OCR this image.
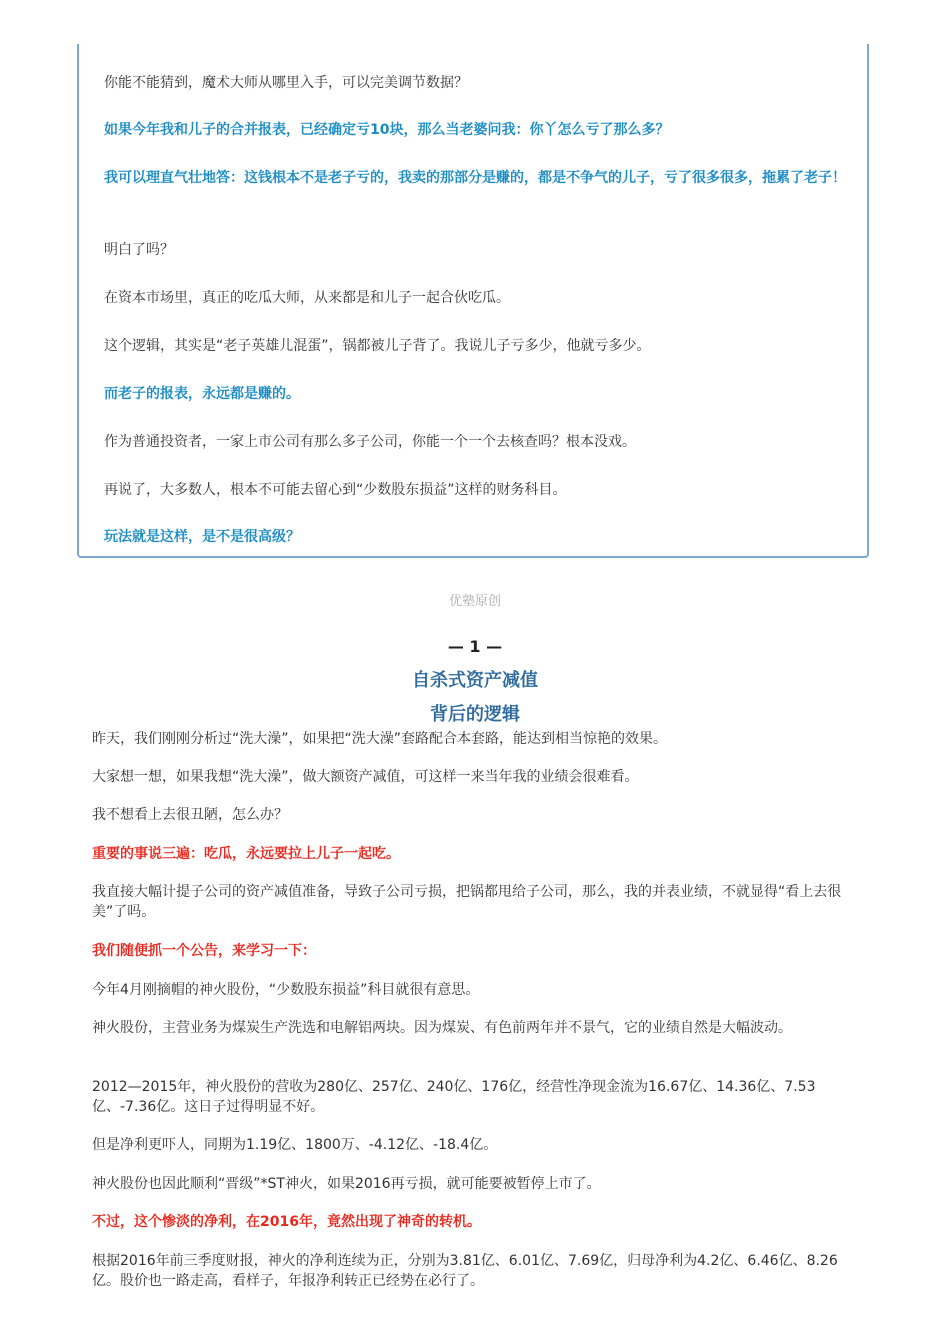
你能不能猜到，魔术大师从哪里入手，可以完美调节数据？

如果今年我和儿子的合并报表，已经确定亏10块，那么当老婆问我：你丫怎么亏了那么多？

我可以理直气壮地答：这钱根本不是老子亏的，我卖的那部分是赚的，都是不争气的儿子，亏了很多很多，拖累了老子！

明白了吗？

在资本市场里，真正的吃瓜大师，从来都是和儿子一起合伙吃瓜。

这个逻辑，其实是“老子英雄儿混蛋”，锅都被儿子背了。我说儿子亏多少，他就亏多少。

而老子的报表，永远都是赚的。

作为普通投资者，一家上市公司有那么多子公司，你能一个一个去核查吗？根本没戏。

再说了，大多数人，根本不可能去留心到“少数股东损益”这样的财务科目。

玩法就是这样，是不是很高级？

优塾原创
— 1 —
自杀式资产减值
背后的逻辑

昨天，我们刚刚分析过“洗大澡”，如果把“洗大澡”套路配合本套路，能达到相当惊艳的效果。

大家想一想，如果我想“洗大澡”，做大额资产减值，可这样一来当年我的业绩会很难看。

我不想看上去很丑陋，怎么办？

重要的事说三遍：吃瓜，永远要拉上儿子一起吃。

我直接大幅计提子公司的资产减值准备，导致子公司亏损，把锅都甩给子公司，那么，我的并表业绩，不就显得“看上去很美”了吗。

我们随便抓一个公告，来学习一下：

今年4月刚摘帽的神火股份，“少数股东损益”科目就很有意思。

神火股份，主营业务为煤炭生产洗选和电解铝两块。因为煤炭、有色前两年并不景气，它的业绩自然是大幅波动。

2012—2015年，神火股份的营收为280亿、257亿、240亿、176亿，经营性净现金流为16.67亿、14.36亿、7.53亿、-7.36亿。这日子过得明显不好。

但是净利更吓人，同期为1.19亿、1800万、-4.12亿、-18.4亿。

神火股份也因此顺利“晋级”*ST神火，如果2016再亏损，就可能要被暂停上市了。

不过，这个惨淡的净利，在2016年，竟然出现了神奇的转机。

根据2016年前三季度财报，神火的净利连续为正，分别为3.81亿、6.01亿、7.69亿，归母净利为4.2亿、6.46亿、8.26亿。股价也一路走高，看样子，年报净利转正已经势在必行了。
